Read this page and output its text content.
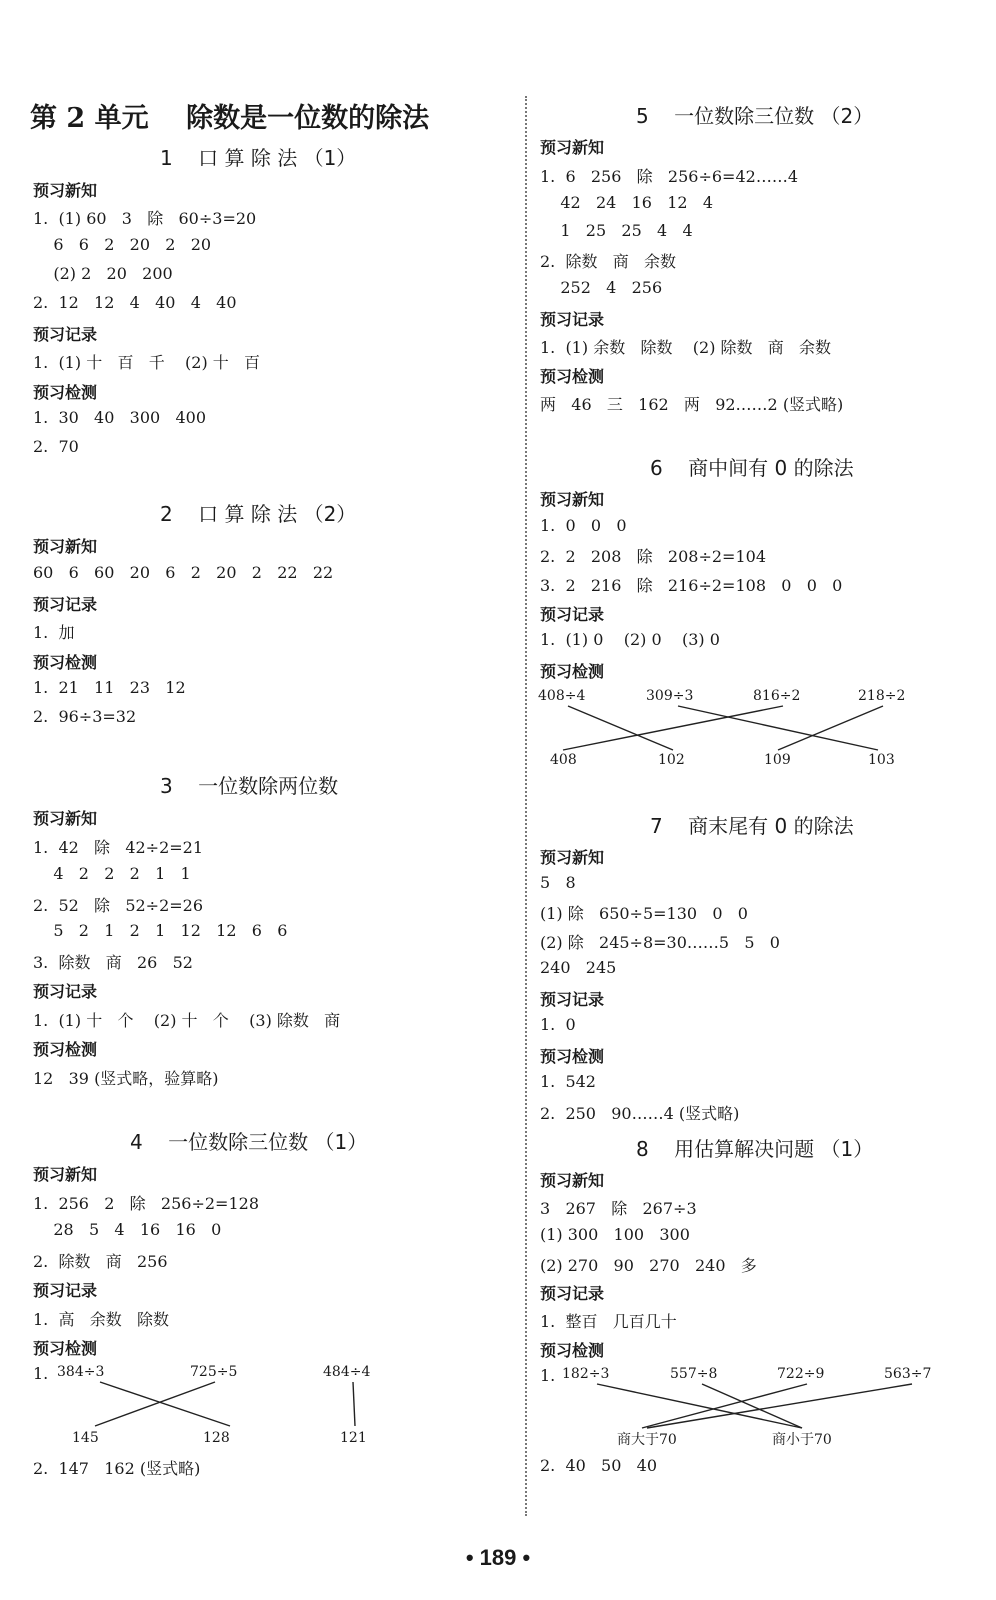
第 2 单元    除数是一位数的除法
1    口 算 除 法 （1）
预习新知
1.  (1) 60   3   除   60÷3=20
6   6   2   20   2   20
(2) 2   20   200
2.  12   12   4   40   4   40
预习记录
1.  (1) 十   百   千    (2) 十   百
预习检测
1.  30   40   300   400
2.  70
2    口 算 除 法 （2）
预习新知
60   6   60   20   6   2   20   2   22   22
预习记录
1.  加
预习检测
1.  21   11   23   12
2.  96÷3=32
3    一位数除两位数
预习新知
1.  42   除   42÷2=21
4   2   2   2   1   1
2.  52   除   52÷2=26
5   2   1   2   1   12   12   6   6
3.  除数   商   26   52
预习记录
1.  (1) 十   个    (2) 十   个    (3) 除数   商
预习检测
12   39 (竖式略，验算略)
4    一位数除三位数 （1）
预习新知
1.  256   2   除   256÷2=128
28   5   4   16   16   0
2.  除数   商   256
预习记录
1.  高   余数   除数
预习检测
1. 384÷3	725÷5	484÷4
145	128	121
2.  147   162 (竖式略)
5    一位数除三位数 （2）
预习新知
1.  6   256   除   256÷6=42……4
42   24   16   12   4
1   25   25   4   4
2.  除数   商   余数
252   4   256
预习记录
1.  (1) 余数   除数    (2) 除数   商   余数
预习检测
两   46   三   162   两   92……2 (竖式略)
6    商中间有 0 的除法
预习新知
1.  0   0   0
2.  2   208   除   208÷2=104
3.  2   216   除   216÷2=108   0   0   0
预习记录
1.  (1) 0    (2) 0    (3) 0
预习检测
408÷4	309÷3	816÷2	218÷2
408	102	109	103
7    商末尾有 0 的除法
预习新知
5   8
(1) 除   650÷5=130   0   0
(2) 除   245÷8=30……5   5   0
240   245
预习记录
1.  0
预习检测
1.  542
2.  250   90……4 (竖式略)
8    用估算解决问题 （1）
预习新知
3   267   除   267÷3
(1) 300   100   300
(2) 270   90   270   240   多
预习记录
1.  整百   几百几十
预习检测
1. 182÷3	557÷8	722÷9	563÷7
商大于70	商小于70
2.  40   50   40
• 189 •
